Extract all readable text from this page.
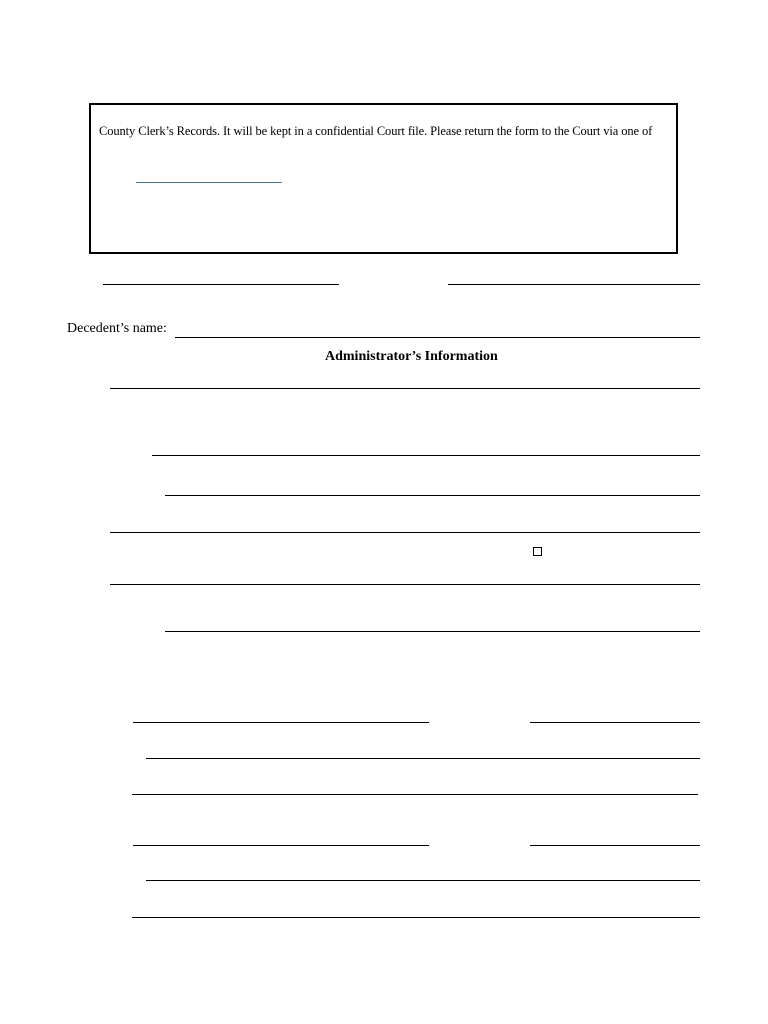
County Clerk’s Records. It will be kept in a confidential Court file. Please return the form to the Court via one of
Decedent’s name:
Administrator’s Information
